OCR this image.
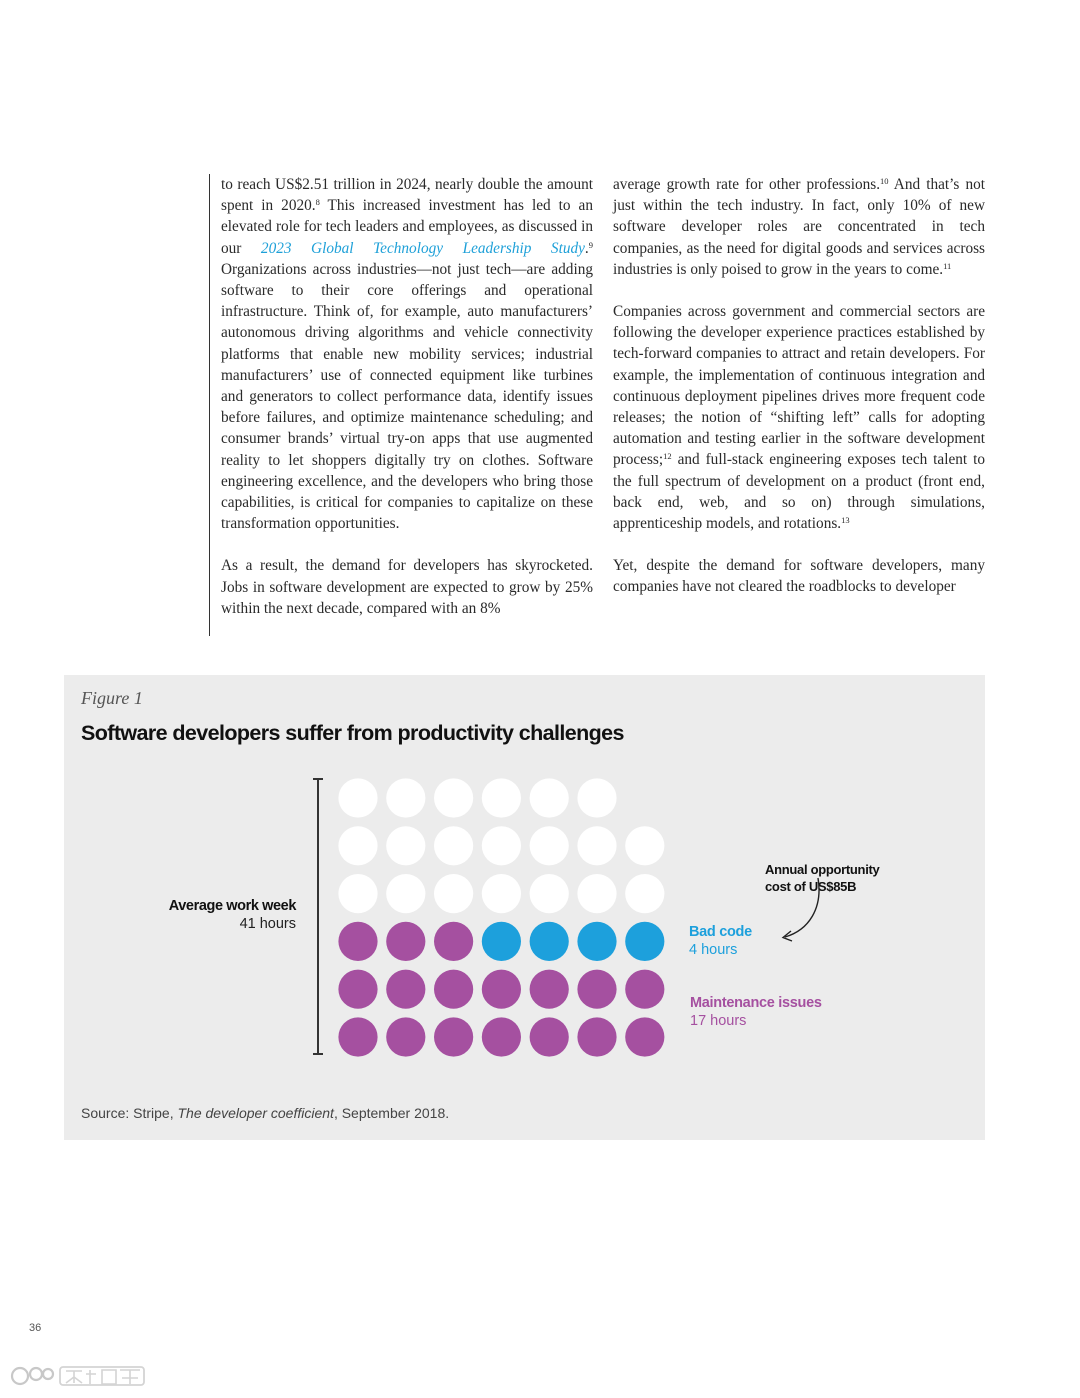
to reach US$2.51 trillion in 2024, nearly double the amount spent in 2020.$^8$ This increased investment has led to an elevated role for tech leaders and employees, as discussed in our 2023 Global Technology Leadership Study.$^9$ Organizations across industries—not just tech—are adding software to their core offerings and operational infrastructure. Think of, for example, auto manufacturers’ autonomous driving algorithms and vehicle connectivity platforms that enable new mobility services; industrial manufacturers’ use of connected equipment like turbines and generators to collect performance data, identify issues before failures, and optimize maintenance scheduling; and consumer brands’ virtual try-on apps that use augmented reality to let shoppers digitally try on clothes. Software engineering excellence, and the developers who bring those capabilities, is critical for companies to capitalize on these transformation opportunities.

As a result, the demand for developers has skyrocketed. Jobs in software development are expected to grow by 25% within the next decade, compared with an 8%

average growth rate for other professions.$^{10}$ And that’s not just within the tech industry. In fact, only 10% of new software developer roles are concentrated in tech companies, as the need for digital goods and services across industries is only poised to grow in the years to come.$^{11}$

Companies across government and commercial sectors are following the developer experience practices established by tech-forward companies to attract and retain developers. For example, the implementation of continuous integration and continuous deployment pipelines drives more frequent code releases; the notion of “shifting left” calls for adopting automation and testing earlier in the software development process;$^{12}$ and full-stack engineering exposes tech talent to the full spectrum of development on a product (front end, back end, web, and so on) through simulations, apprenticeship models, and rotations.$^{13}$

Yet, despite the demand for software developers, many companies have not cleared the roadblocks to developer

Figure 1
Software developers suffer from productivity challenges
Average work week
41 hours
Annual opportunity
cost of US$85B
Bad code
4 hours
Maintenance issues
17 hours
Source: Stripe, The developer coefficient, September 2018.
36
